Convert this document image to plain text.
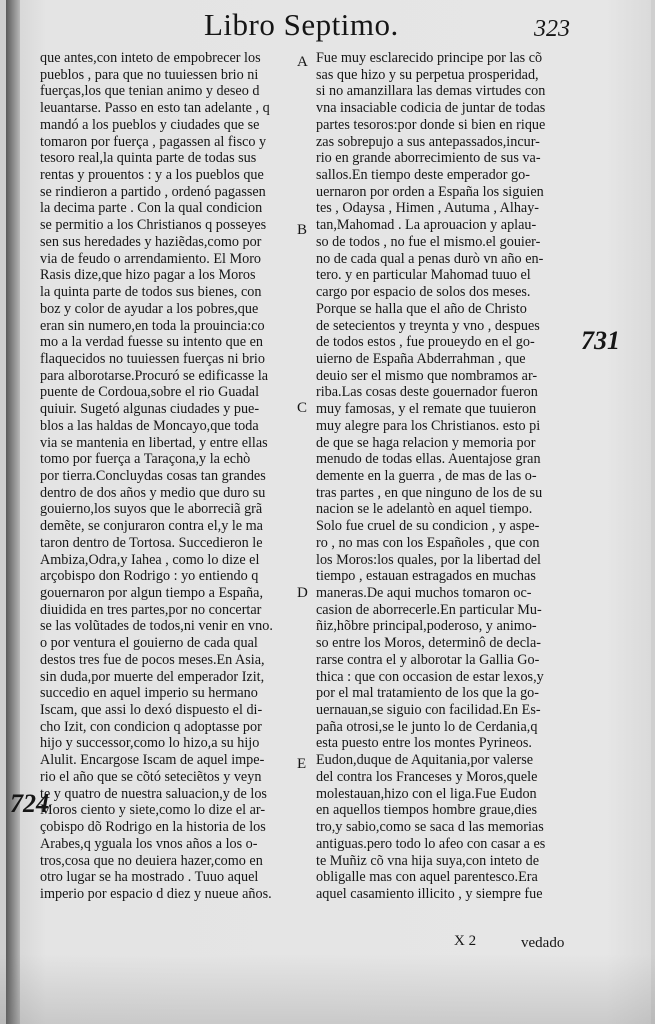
Libro Septimo.	323
que antes,con inteto de empobrecer los
pueblos , para que no tuuiessen brio ni
fuerças,los que tenian animo y deseo d
leuantarse. Passo en esto tan adelante , q
mandó a los pueblos y ciudades que se
tomaron por fuerça , pagassen al fisco y
tesoro real,la quinta parte de todas sus
rentas y prouentos : y a los pueblos que
se rindieron a partido , ordenó pagassen
la decima parte . Con la qual condicion
se permitio a los Christianos q posseyes
sen sus heredades y haziẽdas,como por
via de feudo o arrendamiento. El Moro
Rasis dize,que hizo pagar a los Moros
la quinta parte de todos sus bienes, con
boz y color de ayudar a los pobres,que
eran sin numero,en toda la prouincia:co
mo a la verdad fuesse su intento que en
flaquecidos no tuuiessen fuerças ni brio
para alborotarse.Procuró se edificasse la
puente de Cordoua,sobre el rio Guadal
quiuir. Sugetó algunas ciudades y pue-
blos a las haldas de Moncayo,que toda
via se mantenia en libertad, y entre ellas
tomo por fuerça a Taraçona,y la echò
por tierra.Concluydas cosas tan grandes
dentro de dos años y medio que duro su
gouierno,los suyos que le aborreciã grã
demẽte, se conjuraron contra el,y le ma
taron dentro de Tortosa. Succedieron le
Ambiza,Odra,y Iahea , como lo dize el
arçobispo don Rodrigo : yo entiendo q
gouernaron por algun tiempo a España,
diuidida en tres partes,por no concertar
se las volũtades de todos,ni venir en vno.
o por ventura el gouierno de cada qual
destos tres fue de pocos meses.En Asia,
sin duda,por muerte del emperador Izit,
succedio en aquel imperio su hermano
Iscam, que assi lo dexó dispuesto el di-
cho Izit, con condicion q adoptasse por
hijo y successor,como lo hizo,a su hijo
Alulit. Encargose Iscam de aquel impe-
rio el año que se cõtó seteciẽtos y veyn
te y quatro de nuestra saluacion,y de los
Moros ciento y siete,como lo dize el ar-
çobispo dõ Rodrigo en la historia de los
Arabes,q yguala los vnos años a los o-
tros,cosa que no deuiera hazer,como en
otro lugar se ha mostrado . Tuuo aquel
imperio por espacio d diez y nueue años.
Fue muy esclarecido principe por las cõ
sas que hizo y su perpetua prosperidad,
si no amanzillara las demas virtudes con
vna insaciable codicia de juntar de todas
partes tesoros:por donde si bien en rique
zas sobrepujo a sus antepassados,incur-
rio en grande aborrecimiento de sus va-
sallos.En tiempo deste emperador go-
uernaron por orden a España los siguien
tes , Odaysa , Himen , Autuma , Alhay-
tan,Mahomad . La aprouacion y aplau-
so de todos , no fue el mismo.el gouier-
no de cada qual a penas durò vn año en-
tero. y en particular Mahomad tuuo el
cargo por espacio de solos dos meses.
Porque se halla que el año de Christo
de setecientos y treynta y vno , despues
de todos estos , fue proueydo en el go-
uierno de España Abderrahman , que
deuio ser el mismo que nombramos ar-
riba.Las cosas deste gouernador fueron
muy famosas, y el remate que tuuieron
muy alegre para los Christianos. esto pi
de que se haga relacion y memoria por
menudo de todas ellas. Auentajose gran
demente en la guerra , de mas de las o-
tras partes , en que ninguno de los de su
nacion se le adelantò en aquel tiempo.
Solo fue cruel de su condicion , y aspe-
ro , no mas con los Españoles , que con
los Moros:los quales, por la libertad del
tiempo , estauan estragados en muchas
maneras.De aqui muchos tomaron oc-
casion de aborrecerle.En particular Mu-
ñiz,hõbre principal,poderoso, y animo-
so entre los Moros, determinô de decla-
rarse contra el y alborotar la Gallia Go-
thica : que con occasion de estar lexos,y
por el mal tratamiento de los que la go-
uernauan,se siguio con facilidad.En Es-
paña otrosi,se le junto lo de Cerdania,q
esta puesto entre los montes Pyrineos.
Eudon,duque de Aquitania,por valerse
del contra los Franceses y Moros,quele
molestauan,hizo con el liga.Fue Eudon
en aquellos tiempos hombre graue,dies
tro,y sabio,como se saca d las memorias
antiguas.pero todo lo afeo con casar a es
te Muñiz cõ vna hija suya,con inteto de
obligalle mas con aquel parentesco.Era
aquel casamiento illicito , y siempre fue
A
B
C
D
E
731
724
X 2	vedado
